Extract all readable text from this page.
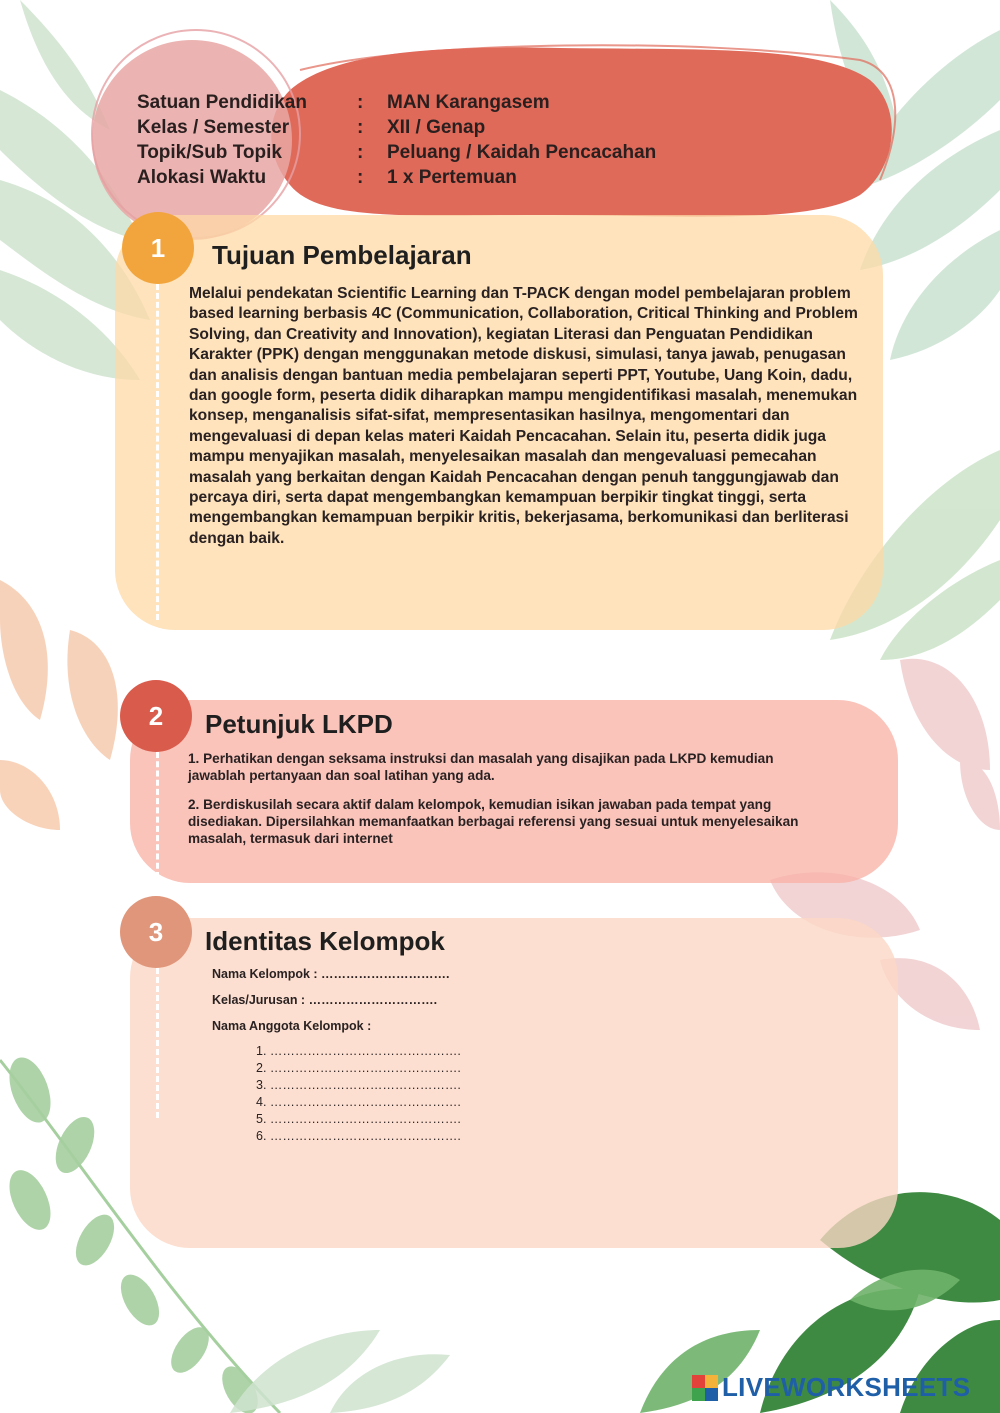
Satuan Pendidikan	:	MAN Karangasem
Kelas / Semester	:	XII / Genap
Topik/Sub Topik	:	Peluang / Kaidah Pencacahan
Alokasi Waktu	:	1 x Pertemuan
1	Tujuan Pembelajaran
Melalui pendekatan Scientific Learning dan T-PACK dengan model pembelajaran problem based learning berbasis 4C (Communication, Collaboration, Critical Thinking and Problem Solving, dan Creativity and Innovation), kegiatan Literasi dan Penguatan Pendidikan Karakter (PPK) dengan menggunakan metode diskusi, simulasi, tanya jawab, penugasan dan analisis dengan bantuan media pembelajaran seperti PPT, Youtube, Uang Koin, dadu, dan google form, peserta didik diharapkan mampu mengidentifikasi masalah, menemukan konsep, menganalisis sifat-sifat, mempresentasikan hasilnya, mengomentari dan mengevaluasi di depan kelas materi Kaidah Pencacahan. Selain itu, peserta didik juga mampu menyajikan masalah, menyelesaikan masalah dan mengevaluasi pemecahan masalah yang berkaitan dengan Kaidah Pencacahan dengan penuh tanggungjawab dan percaya diri, serta dapat mengembangkan kemampuan berpikir tingkat tinggi, serta mengembangkan kemampuan berpikir kritis, bekerjasama, berkomunikasi dan berliterasi dengan baik.
2	Petunjuk LKPD
1. Perhatikan dengan seksama instruksi dan masalah yang disajikan pada LKPD kemudian jawablah pertanyaan dan soal latihan yang ada.
2. Berdiskusilah secara aktif dalam kelompok, kemudian isikan jawaban pada tempat yang disediakan. Dipersilahkan memanfaatkan berbagai referensi yang sesuai untuk menyelesaikan masalah, termasuk dari internet
3	Identitas Kelompok
Nama Kelompok : ………………………….
Kelas/Jurusan : ………………………….
Nama Anggota Kelompok :
1. ……………………………………….
2. ……………………………………….
3. ……………………………………….
4. ……………………………………….
5. ……………………………………….
6. ……………………………………….
LIVEWORKSHEETS
